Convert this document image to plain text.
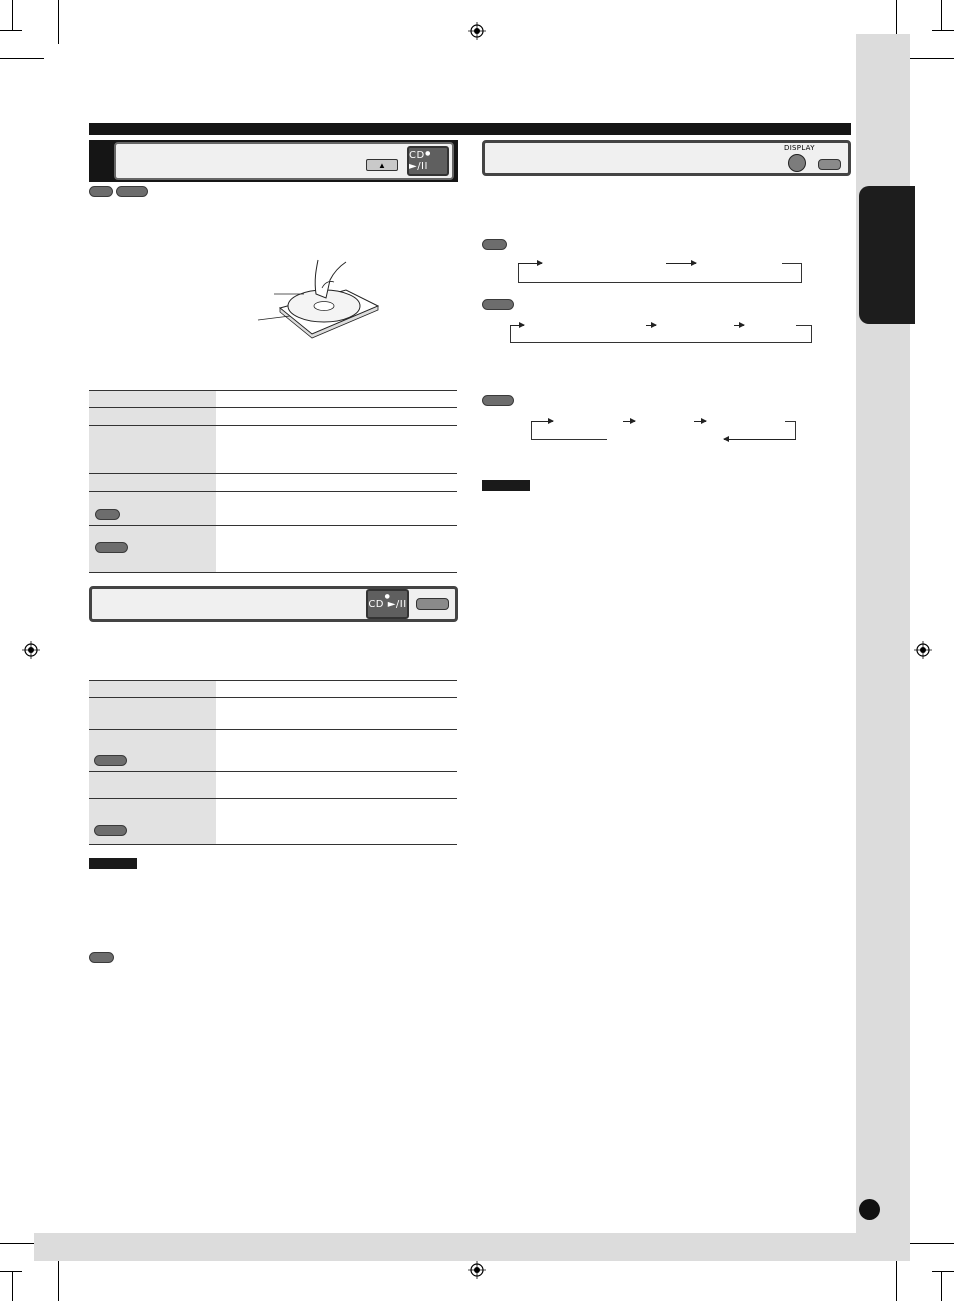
▲
●
CD ►/II
●
CD ►/II
DISPLAY
